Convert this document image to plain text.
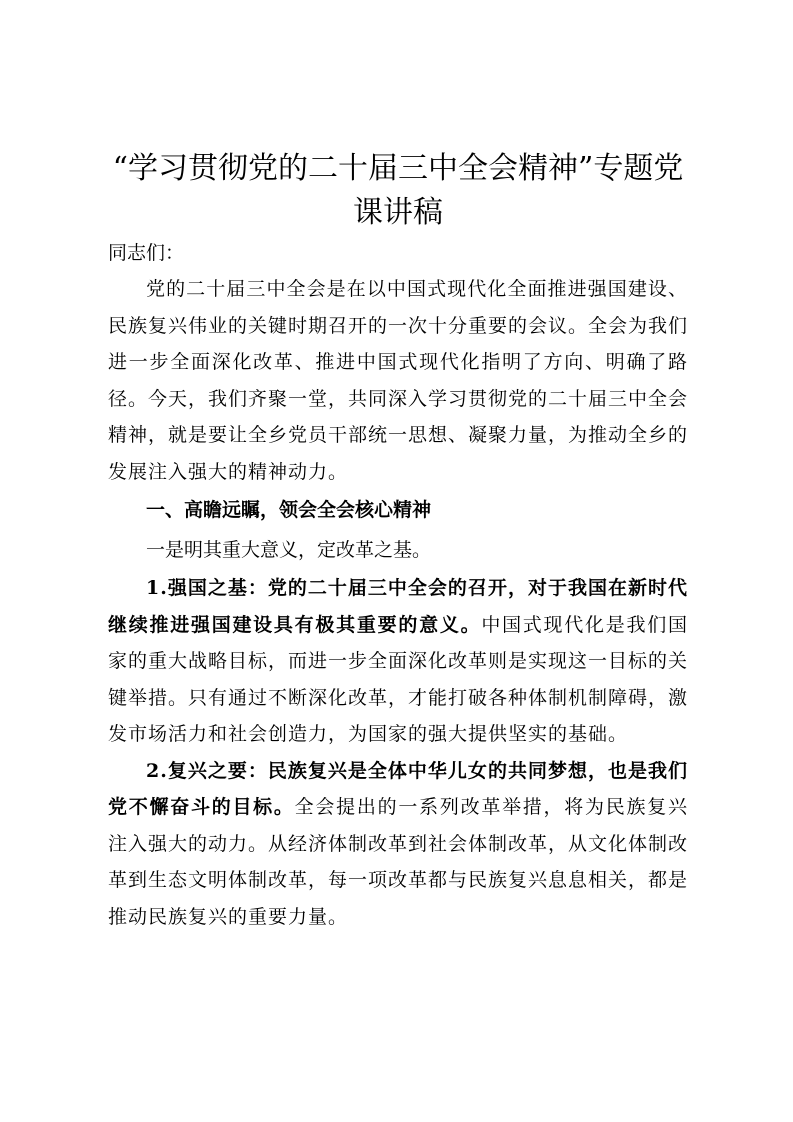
“学习贯彻党的二十届三中全会精神”专题党
课讲稿

同志们：

党的二十届三中全会是在以中国式现代化全面推进强国建设、民族复兴伟业的关键时期召开的一次十分重要的会议。全会为我们进一步全面深化改革、推进中国式现代化指明了方向、明确了路径。今天，我们齐聚一堂，共同深入学习贯彻党的二十届三中全会精神，就是要让全乡党员干部统一思想、凝聚力量，为推动全乡的发展注入强大的精神动力。

一、高瞻远瞩，领会全会核心精神

一是明其重大意义，定改革之基。

1.强国之基：党的二十届三中全会的召开，对于我国在新时代继续推进强国建设具有极其重要的意义。中国式现代化是我们国家的重大战略目标，而进一步全面深化改革则是实现这一目标的关键举措。只有通过不断深化改革，才能打破各种体制机制障碍，激发市场活力和社会创造力，为国家的强大提供坚实的基础。

2.复兴之要：民族复兴是全体中华儿女的共同梦想，也是我们党不懈奋斗的目标。全会提出的一系列改革举措，将为民族复兴注入强大的动力。从经济体制改革到社会体制改革，从文化体制改革到生态文明体制改革，每一项改革都与民族复兴息息相关，都是推动民族复兴的重要力量。
